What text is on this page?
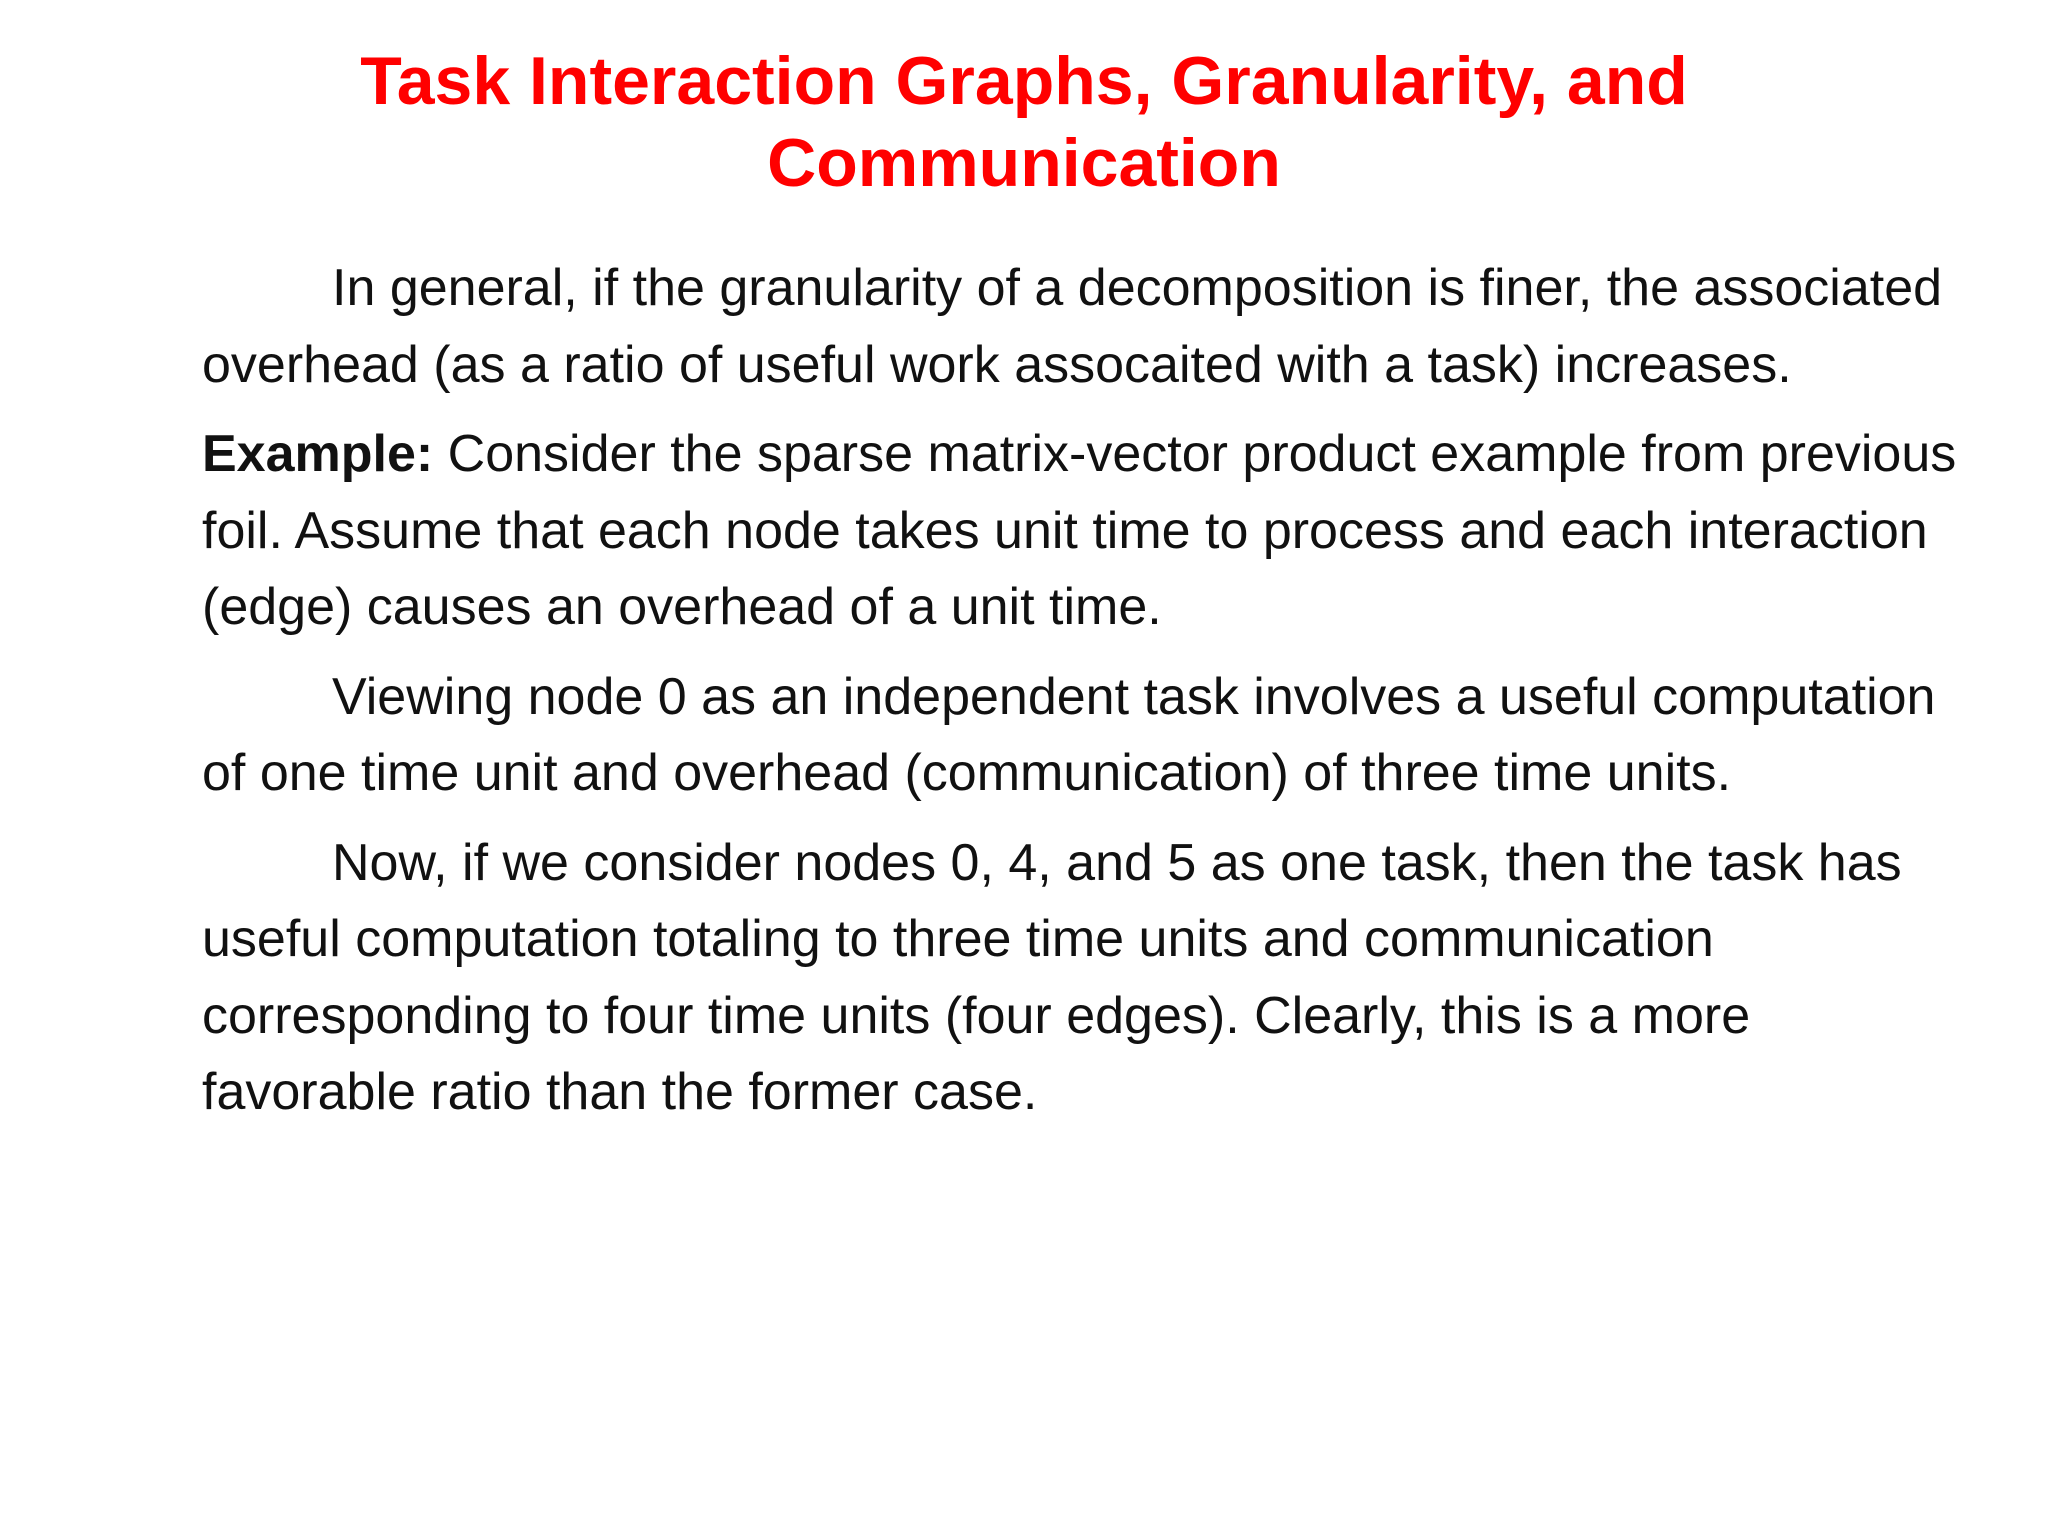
Task Interaction Graphs, Granularity, and Communication

In general, if the granularity of a decomposition is finer, the associated overhead (as a ratio of useful work assocaited with a task) increases.

Example: Consider the sparse matrix-vector product example from previous foil. Assume that each node takes unit time to process and each interaction (edge) causes an overhead of a unit time.

Viewing node 0 as an independent task involves a useful computation of one time unit and overhead (communication) of three time units.

Now, if we consider nodes 0, 4, and 5 as one task, then the task has useful computation totaling to three time units and communication corresponding to four time units (four edges). Clearly, this is a more favorable ratio than the former case.
